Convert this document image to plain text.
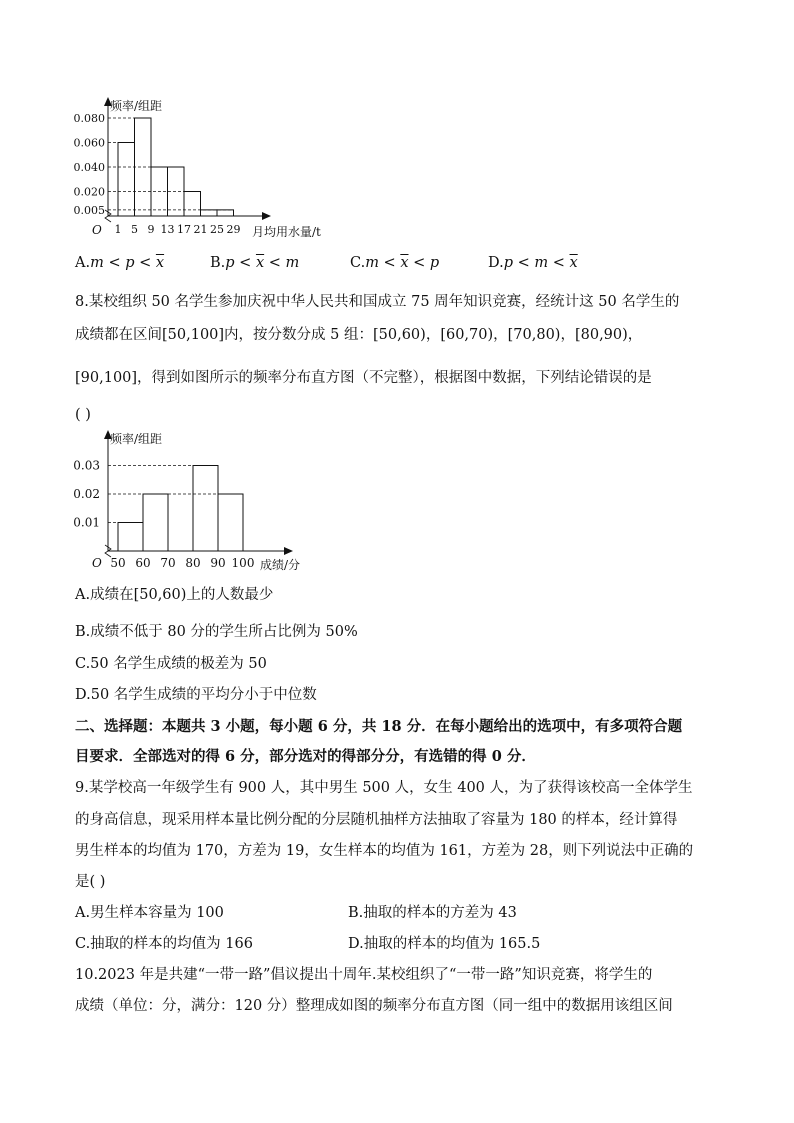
频率/组距
月均用水量/t
O
0.080
0.060
0.040
0.020
0.005
1 5 9 13 17 21 25 29
$A.m < p < \overline{x}$	$B.p < \overline{x} < m$	$C.m < \overline{x} < p$	$D.p < m < \overline{x}$
8.某校组织 50 名学生参加庆祝中华人民共和国成立 75 周年知识竞赛，经统计这 50 名学生的
成绩都在区间[50,100]内，按分数分成 5 组：[50,60)，[60,70)，[70,80)，[80,90)，
[90,100]，得到如图所示的频率分布直方图（不完整），根据图中数据，下列结论错误的是
( )
频率/组距
成绩/分
O
0.03
0.02
0.01
50 60 70 80 90 100
A.成绩在[50,60)上的人数最少
B.成绩不低于 80 分的学生所占比例为 50%
C.50 名学生成绩的极差为 50
D.50 名学生成绩的平均分小于中位数
二、选择题：本题共 3 小题，每小题 6 分，共 18 分．在每小题给出的选项中，有多项符合题
目要求．全部选对的得 6 分，部分选对的得部分分，有选错的得 0 分．
9.某学校高一年级学生有 900 人，其中男生 500 人，女生 400 人，为了获得该校高一全体学生
的身高信息，现采用样本量比例分配的分层随机抽样方法抽取了容量为 180 的样本，经计算得
男生样本的均值为 170，方差为 19，女生样本的均值为 161，方差为 28，则下列说法中正确的
是( )
A.男生样本容量为 100	B.抽取的样本的方差为 43
C.抽取的样本的均值为 166	D.抽取的样本的均值为 165.5
10.2023 年是共建“一带一路”倡议提出十周年.某校组织了“一带一路”知识竞赛，将学生的
成绩（单位：分，满分：120 分）整理成如图的频率分布直方图（同一组中的数据用该组区间
